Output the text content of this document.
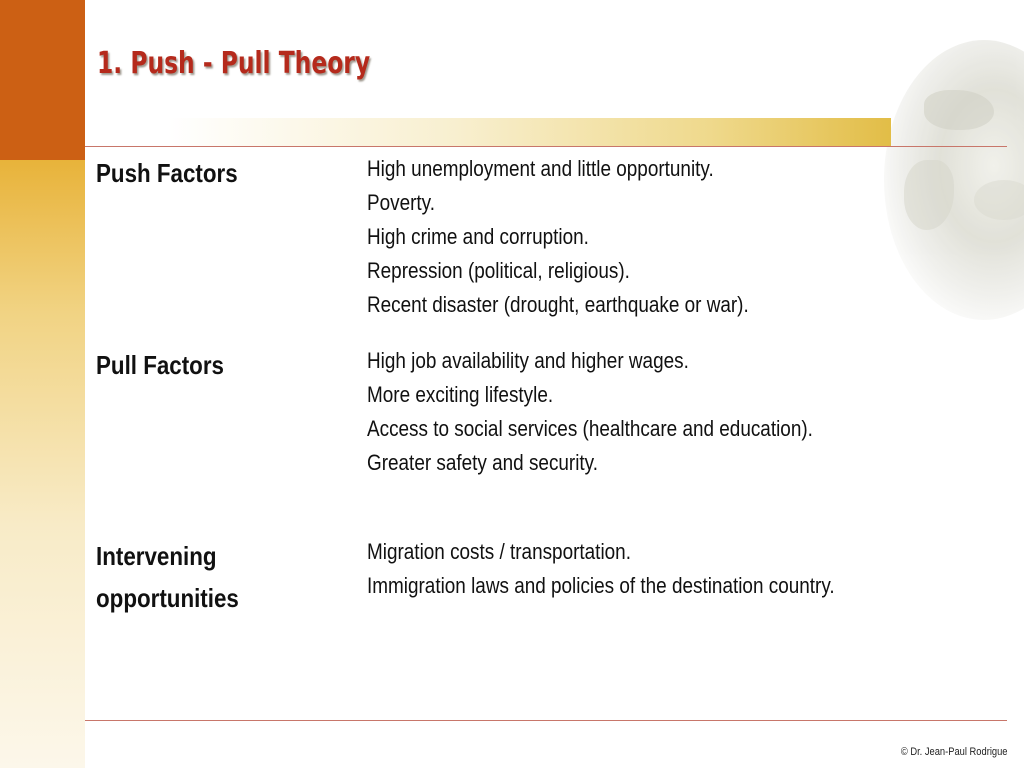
1. Push - Pull Theory
Push Factors	High unemployment and little opportunity.
Poverty.
High crime and corruption.
Repression (political, religious).
Recent disaster (drought, earthquake or war).
Pull Factors	High job availability and higher wages.
More exciting lifestyle.
Access to social services (healthcare and education).
Greater safety and security.
Intervening opportunities
Migration costs / transportation.
Immigration laws and policies of the destination country.
© Dr. Jean-Paul Rodrigue
